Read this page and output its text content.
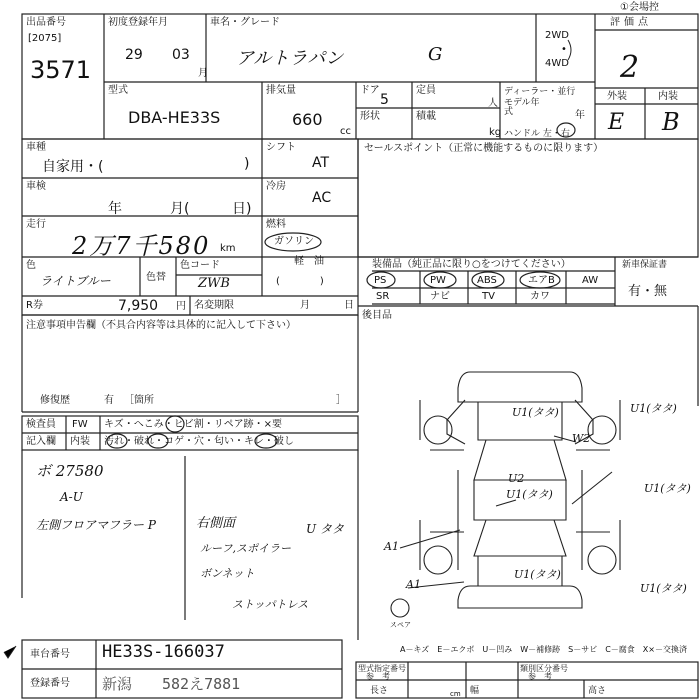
出品番号
[2075]
3571
初度登録年月
29 03
月
車名・グレード
アルトラパン	G
2WD
•
4WD
評価点
2
①会場控
型式
DBA-HE33S
排気量
660
cc
ドア
5
定員
人
形状	積載
kg
ディーラー・並行
モデル年式	年
ハンドル 左・右
外装	内装
E B
車種
自家用・(	)
車検
年	月(	日)
走行
2万7千580 km
色
ライトブルー	色替
色コード
ZWB
R券	7,950 円 名変期限	月	日
シフト
AT
冷房
AC
燃料
ガソリン
軽　油
(　　　　)
セールスポイント（正常に機能するものに限ります）
装備品（純正品に限り○をつけてください）	新車保証書
有・無
PS	PW	ABS	エアB	AW
SR	ナビ	TV	カワ
後目品
注意事項申告欄（不具合内容等は具体的に記入して下さい）
修復歴	有 ［箇所	］
検査員
記入欄
FW キズ・へこみ・ヒビ割・リペア跡・×要
内装 汚れ・破れ・コゲ・穴・匂い・キレ・破し
ボ 27580
A-U
左側フロアマフラー P	右側面
ルーフ,スポイラー
ボンネット
ストッパトレス
U タタ
U1(タタ)	U1(タタ)
W2
U2
U1(タタ)	U1(タタ)
A1
U1(タタ)
A1	U1(タタ)
スペア
車台番号 HE33S-166037
登録番号 新潟　　582え7881
A－キズ　E－エクボ　U－凹み　W－補修跡　S－サビ　C－腐食　X×－交換済
型式指定番号
参　考
類別区分番号
参　考
長さ	幅	高さ
cm
